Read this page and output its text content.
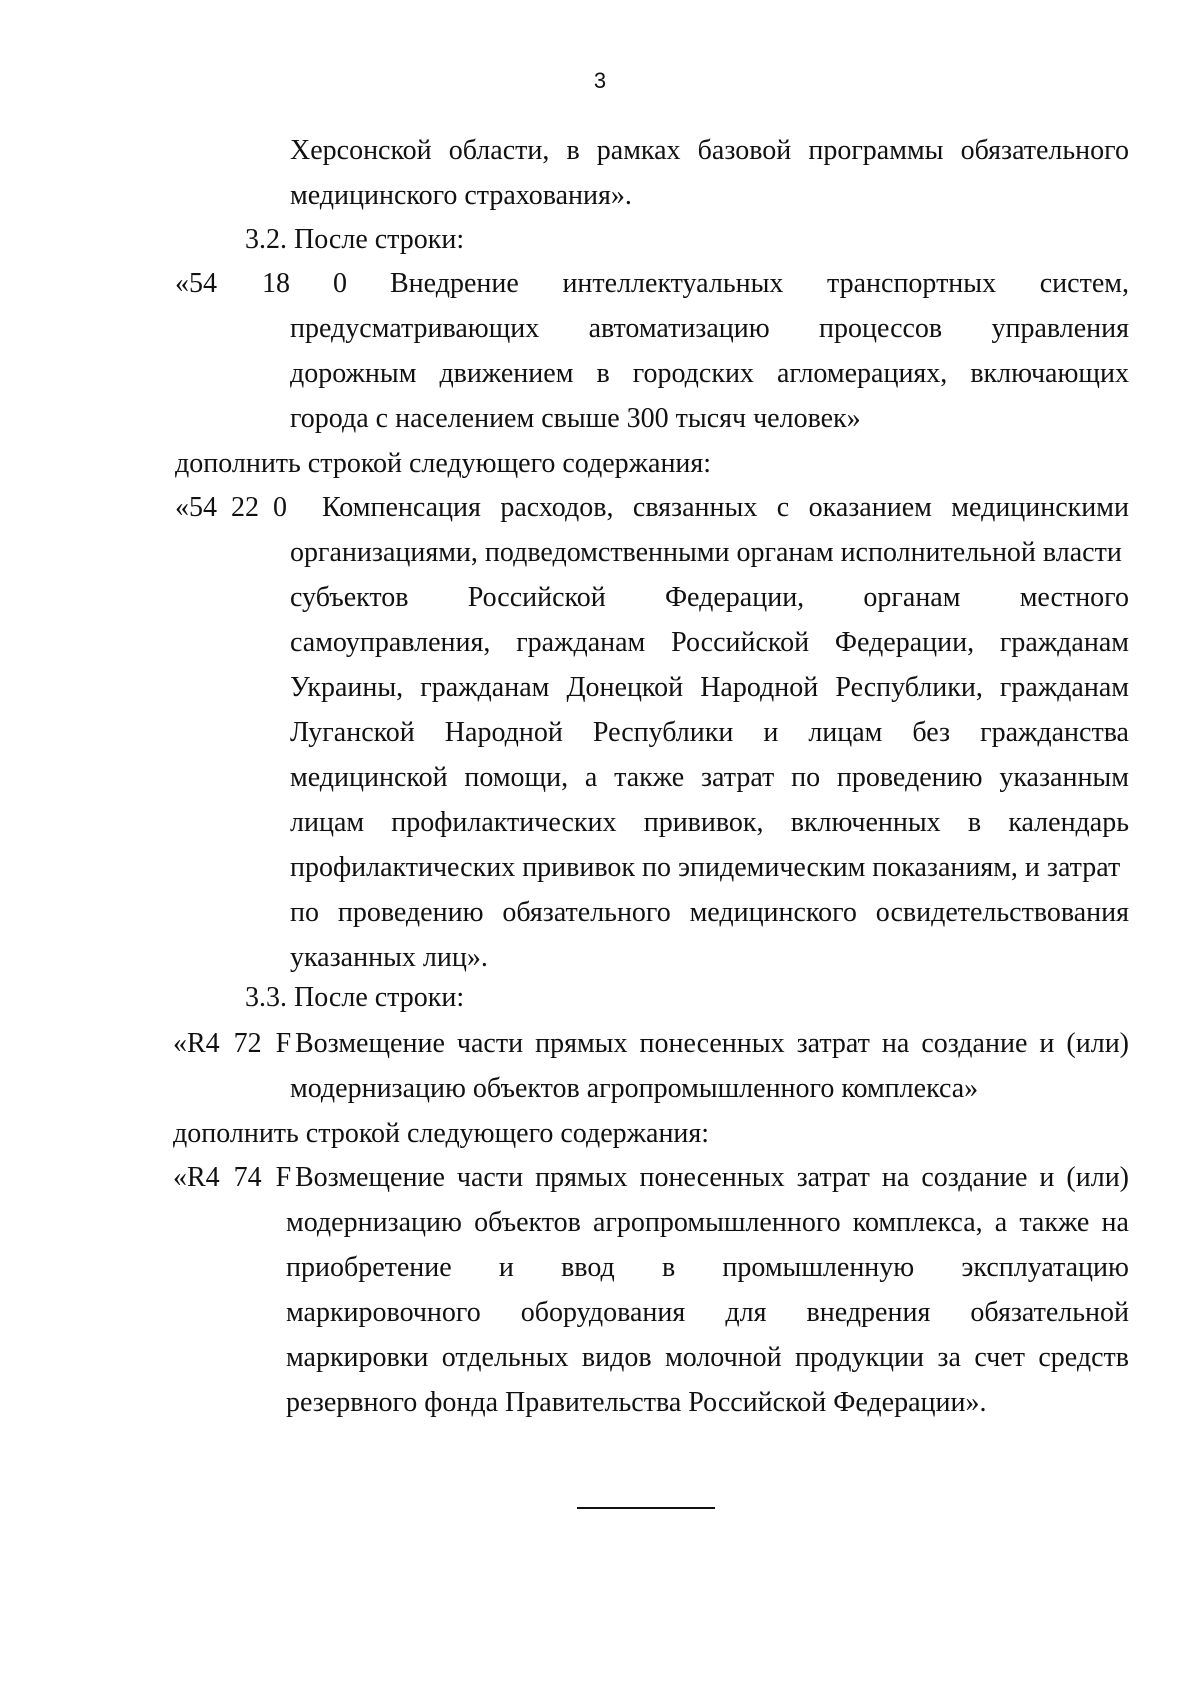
3
Херсонской области, в рамках базовой программы обязательного
медицинского страхования».
3.2. После строки:
«54 18 0 Внедрение интеллектуальных транспортных систем,
предусматривающих автоматизацию процессов управления
дорожным движением в городских агломерациях, включающих
города с населением свыше 300 тысяч человек»
дополнить строкой следующего содержания:
«54  22  0 Компенсация расходов, связанных с оказанием медицинскими
организациями, подведомственными органам исполнительной власти
субъектов Российской Федерации, органам местного
самоуправления, гражданам Российской Федерации, гражданам
Украины, гражданам Донецкой Народной Республики, гражданам
Луганской Народной Республики и лицам без гражданства
медицинской помощи, а также затрат по проведению указанным
лицам профилактических прививок, включенных в календарь
профилактических прививок по эпидемическим показаниям, и затрат
по проведению обязательного медицинского освидетельствования
указанных лиц».
3.3. После строки:
«R4  72  F Возмещение части прямых понесенных затрат на создание и (или)
модернизацию объектов агропромышленного комплекса»
дополнить строкой следующего содержания:
«R4  74  F Возмещение части прямых понесенных затрат на создание и (или)
модернизацию объектов агропромышленного комплекса, а также на
приобретение и ввод в промышленную эксплуатацию
маркировочного оборудования для внедрения обязательной
маркировки отдельных видов молочной продукции за счет средств
резервного фонда Правительства Российской Федерации».
